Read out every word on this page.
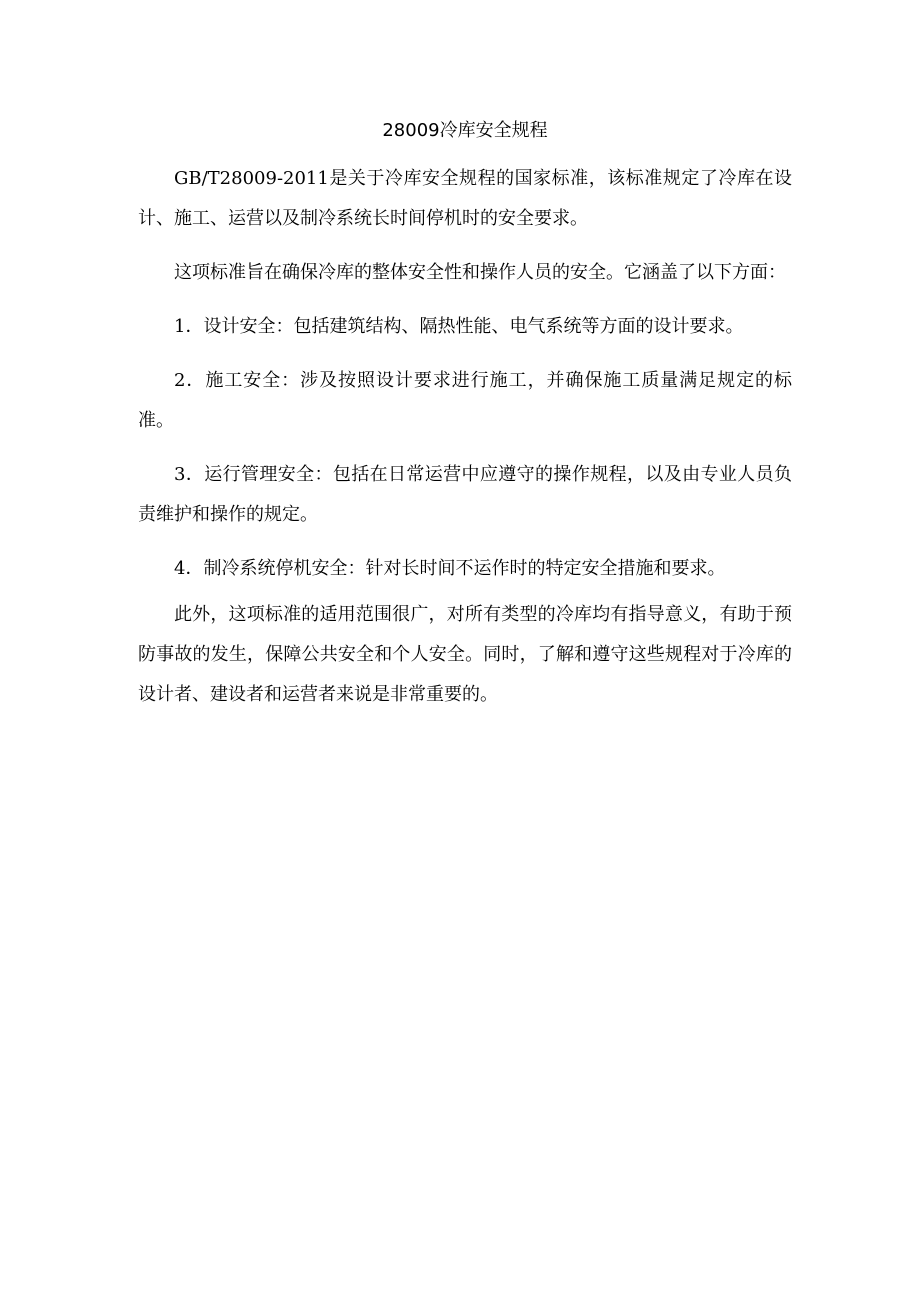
28009冷库安全规程

GB/T28009-2011是关于冷库安全规程的国家标准，该标准规定了冷库在设计、施工、运营以及制冷系统长时间停机时的安全要求。

这项标准旨在确保冷库的整体安全性和操作人员的安全。它涵盖了以下方面：

1．设计安全：包括建筑结构、隔热性能、电气系统等方面的设计要求。

2．施工安全：涉及按照设计要求进行施工，并确保施工质量满足规定的标准。

3．运行管理安全：包括在日常运营中应遵守的操作规程，以及由专业人员负责维护和操作的规定。

4．制冷系统停机安全：针对长时间不运作时的特定安全措施和要求。

此外，这项标准的适用范围很广，对所有类型的冷库均有指导意义，有助于预防事故的发生，保障公共安全和个人安全。同时，了解和遵守这些规程对于冷库的设计者、建设者和运营者来说是非常重要的。
